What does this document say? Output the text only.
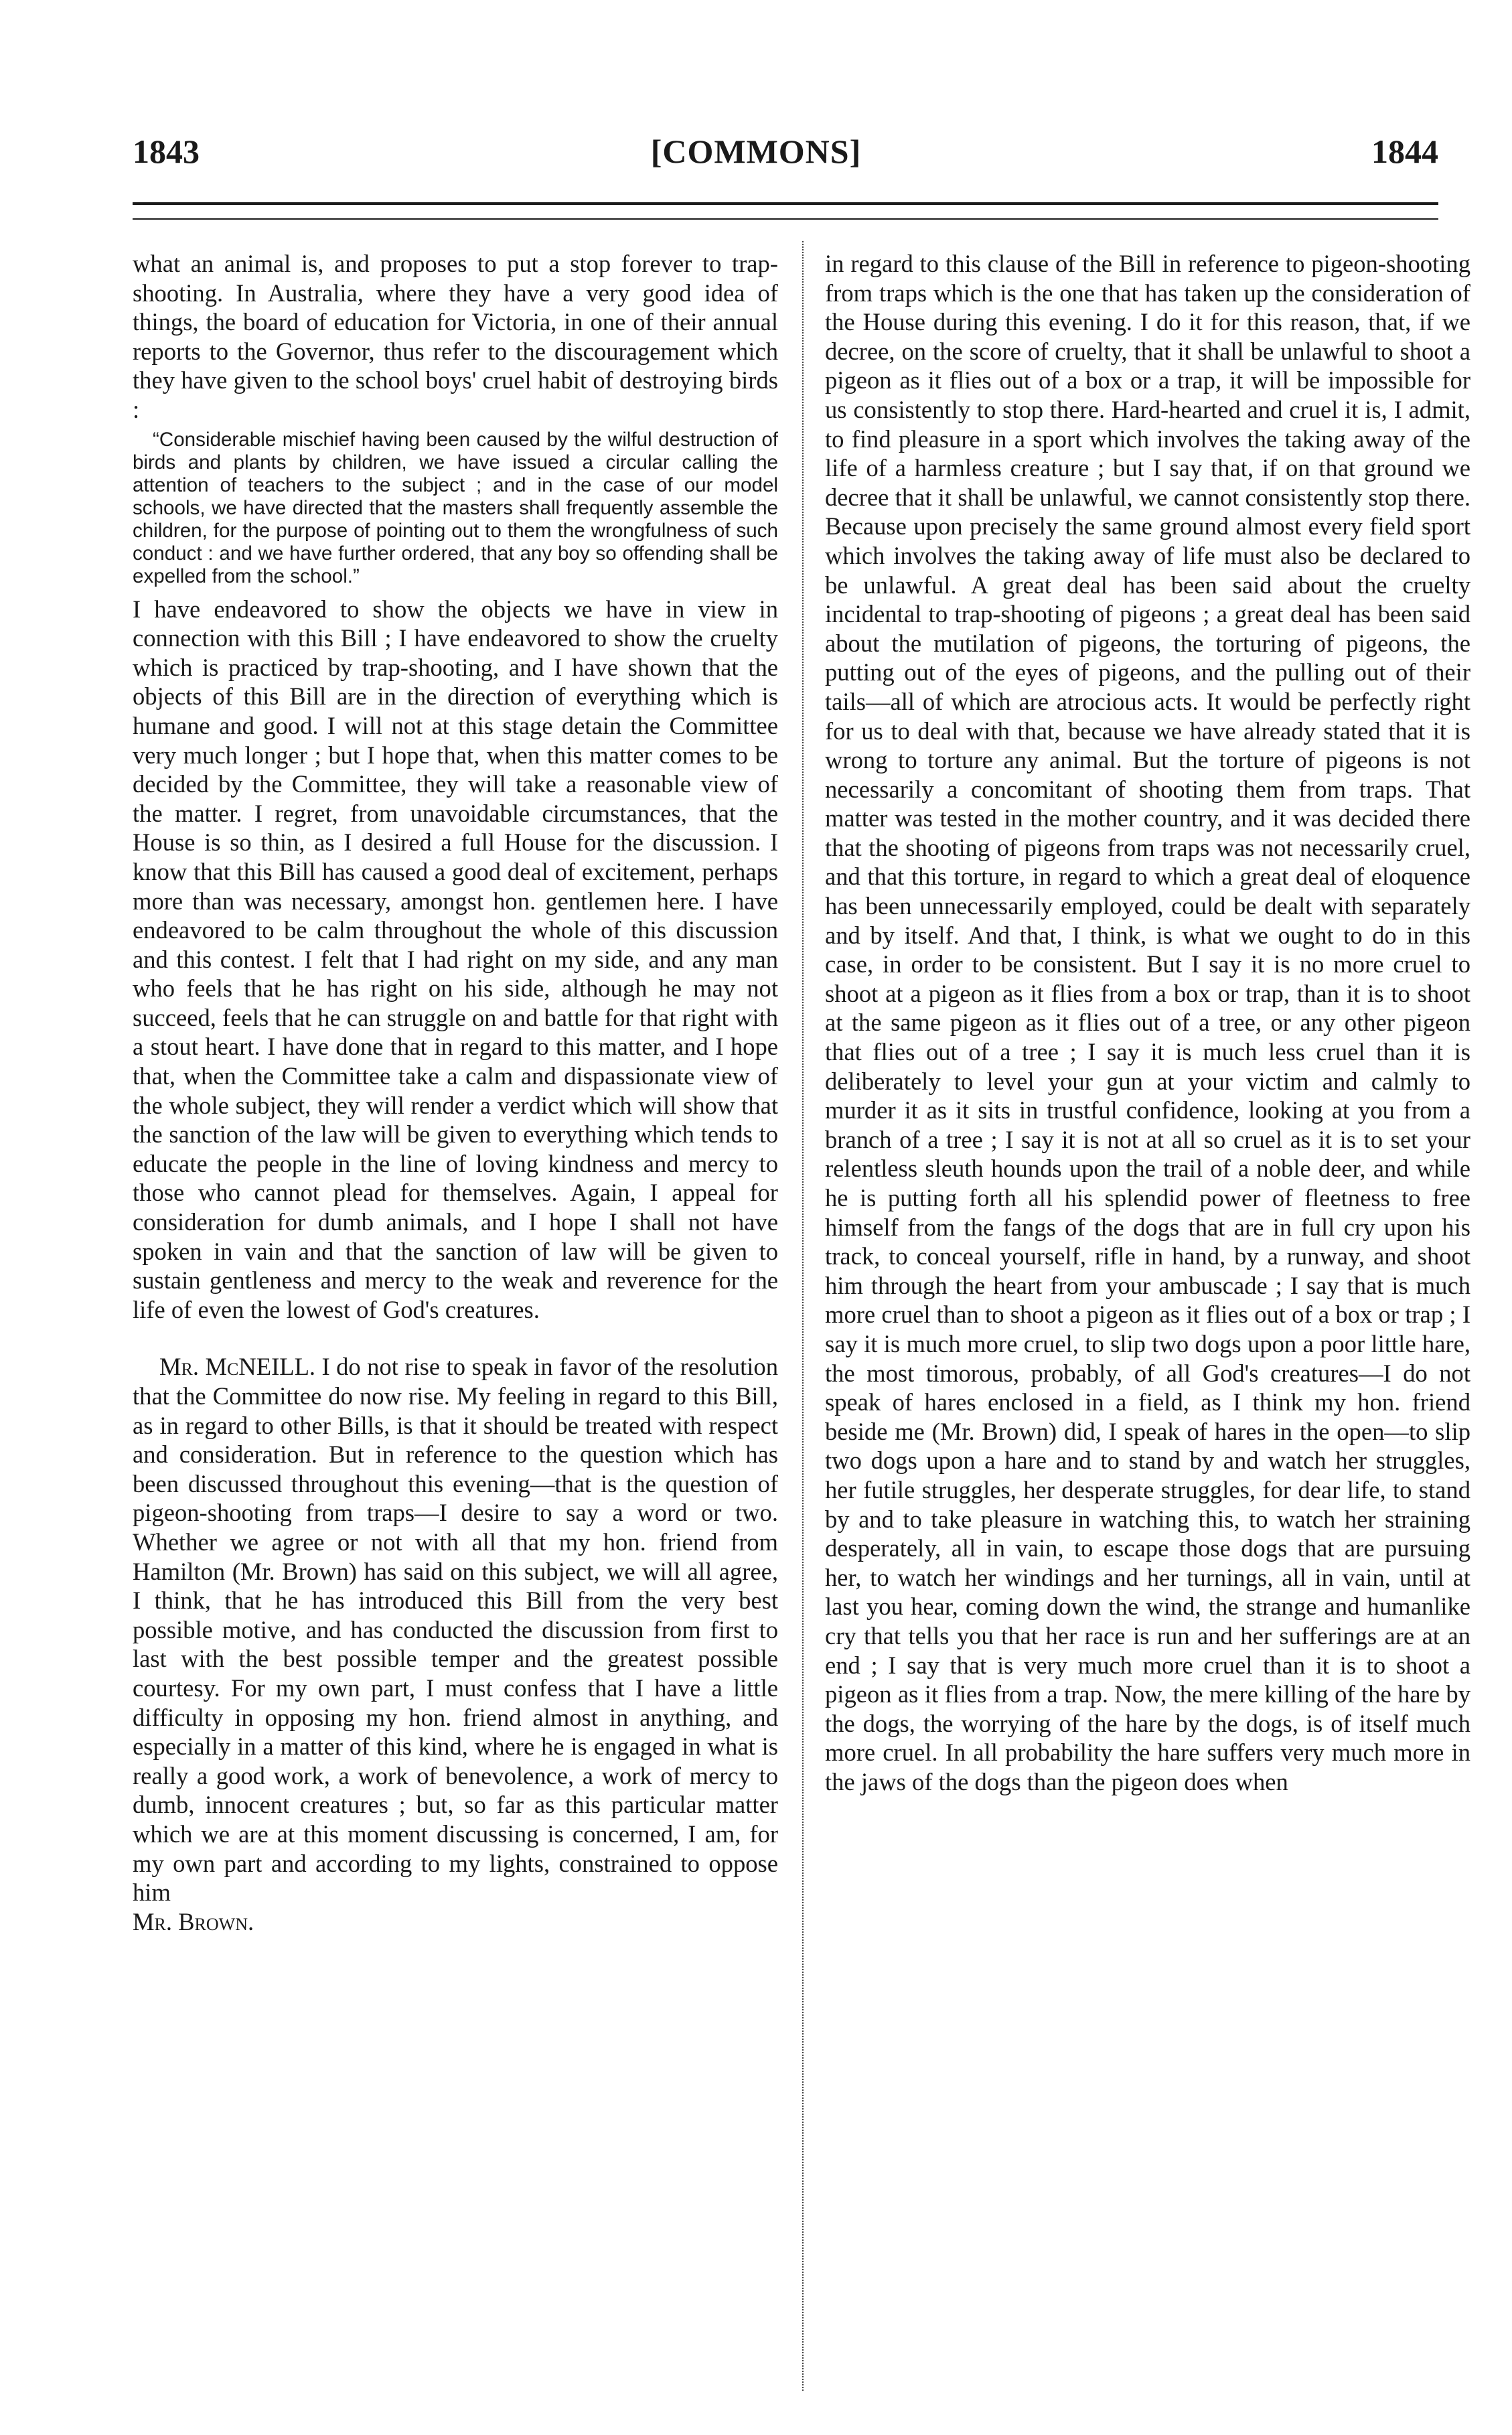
1843	[COMMONS]	1844

what an animal is, and proposes to put a stop forever to trap-shooting. In Australia, where they have a very good idea of things, the board of education for Victoria, in one of their annual reports to the Governor, thus refer to the discouragement which they have given to the school boys' cruel habit of destroying birds :

“Considerable mischief having been caused by the wilful destruction of birds and plants by children, we have issued a circular calling the attention of teachers to the subject ; and in the case of our model schools, we have directed that the masters shall frequently assemble the children, for the purpose of pointing out to them the wrongfulness of such conduct : and we have further ordered, that any boy so offending shall be expelled from the school.”

I have endeavored to show the objects we have in view in connection with this Bill ; I have endeavored to show the cruelty which is practiced by trap-shooting, and I have shown that the objects of this Bill are in the direction of everything which is humane and good. I will not at this stage detain the Committee very much longer ; but I hope that, when this matter comes to be decided by the Committee, they will take a reasonable view of the matter. I regret, from unavoidable circumstances, that the House is so thin, as I desired a full House for the discussion. I know that this Bill has caused a good deal of excitement, perhaps more than was necessary, amongst hon. gentlemen here. I have endeavored to be calm throughout the whole of this discussion and this contest. I felt that I had right on my side, and any man who feels that he has right on his side, although he may not succeed, feels that he can struggle on and battle for that right with a stout heart. I have done that in regard to this matter, and I hope that, when the Committee take a calm and dispassionate view of the whole subject, they will render a verdict which will show that the sanction of the law will be given to everything which tends to educate the people in the line of loving kindness and mercy to those who cannot plead for themselves. Again, I appeal for consideration for dumb animals, and I hope I shall not have spoken in vain and that the sanction of law will be given to sustain gentleness and mercy to the weak and reverence for the life of even the lowest of God's creatures.

Mr. McNEILL. I do not rise to speak in favor of the resolution that the Committee do now rise. My feeling in regard to this Bill, as in regard to other Bills, is that it should be treated with respect and consideration. But in reference to the question which has been discussed throughout this evening—that is the question of pigeon-shooting from traps—I desire to say a word or two. Whether we agree or not with all that my hon. friend from Hamilton (Mr. Brown) has said on this subject, we will all agree, I think, that he has introduced this Bill from the very best possible motive, and has conducted the discussion from first to last with the best possible temper and the greatest possible courtesy. For my own part, I must confess that I have a little difficulty in opposing my hon. friend almost in anything, and especially in a matter of this kind, where he is engaged in what is really a good work, a work of benevolence, a work of mercy to dumb, innocent creatures ; but, so far as this particular matter which we are at this moment discussing is concerned, I am, for my own part and according to my lights, constrained to oppose him

Mr. Brown.

in regard to this clause of the Bill in reference to pigeon-shooting from traps which is the one that has taken up the consideration of the House during this evening. I do it for this reason, that, if we decree, on the score of cruelty, that it shall be unlawful to shoot a pigeon as it flies out of a box or a trap, it will be impossible for us consistently to stop there. Hard-hearted and cruel it is, I admit, to find pleasure in a sport which involves the taking away of the life of a harmless creature ; but I say that, if on that ground we decree that it shall be unlawful, we cannot consistently stop there. Because upon precisely the same ground almost every field sport which involves the taking away of life must also be declared to be unlawful. A great deal has been said about the cruelty incidental to trap-shooting of pigeons ; a great deal has been said about the mutilation of pigeons, the torturing of pigeons, the putting out of the eyes of pigeons, and the pulling out of their tails—all of which are atrocious acts. It would be perfectly right for us to deal with that, because we have already stated that it is wrong to torture any animal. But the torture of pigeons is not necessarily a concomitant of shooting them from traps. That matter was tested in the mother country, and it was decided there that the shooting of pigeons from traps was not necessarily cruel, and that this torture, in regard to which a great deal of eloquence has been unnecessarily employed, could be dealt with separately and by itself. And that, I think, is what we ought to do in this case, in order to be consistent. But I say it is no more cruel to shoot at a pigeon as it flies from a box or trap, than it is to shoot at the same pigeon as it flies out of a tree, or any other pigeon that flies out of a tree ; I say it is much less cruel than it is deliberately to level your gun at your victim and calmly to murder it as it sits in trustful confidence, looking at you from a branch of a tree ; I say it is not at all so cruel as it is to set your relentless sleuth hounds upon the trail of a noble deer, and while he is putting forth all his splendid power of fleetness to free himself from the fangs of the dogs that are in full cry upon his track, to conceal yourself, rifle in hand, by a runway, and shoot him through the heart from your ambuscade ; I say that is much more cruel than to shoot a pigeon as it flies out of a box or trap ; I say it is much more cruel, to slip two dogs upon a poor little hare, the most timorous, probably, of all God's creatures—I do not speak of hares enclosed in a field, as I think my hon. friend beside me (Mr. Brown) did, I speak of hares in the open—to slip two dogs upon a hare and to stand by and watch her struggles, her futile struggles, her desperate struggles, for dear life, to stand by and to take pleasure in watching this, to watch her straining desperately, all in vain, to escape those dogs that are pursuing her, to watch her windings and her turnings, all in vain, until at last you hear, coming down the wind, the strange and humanlike cry that tells you that her race is run and her sufferings are at an end ; I say that is very much more cruel than it is to shoot a pigeon as it flies from a trap. Now, the mere killing of the hare by the dogs, the worrying of the hare by the dogs, is of itself much more cruel. In all probability the hare suffers very much more in the jaws of the dogs than the pigeon does when
